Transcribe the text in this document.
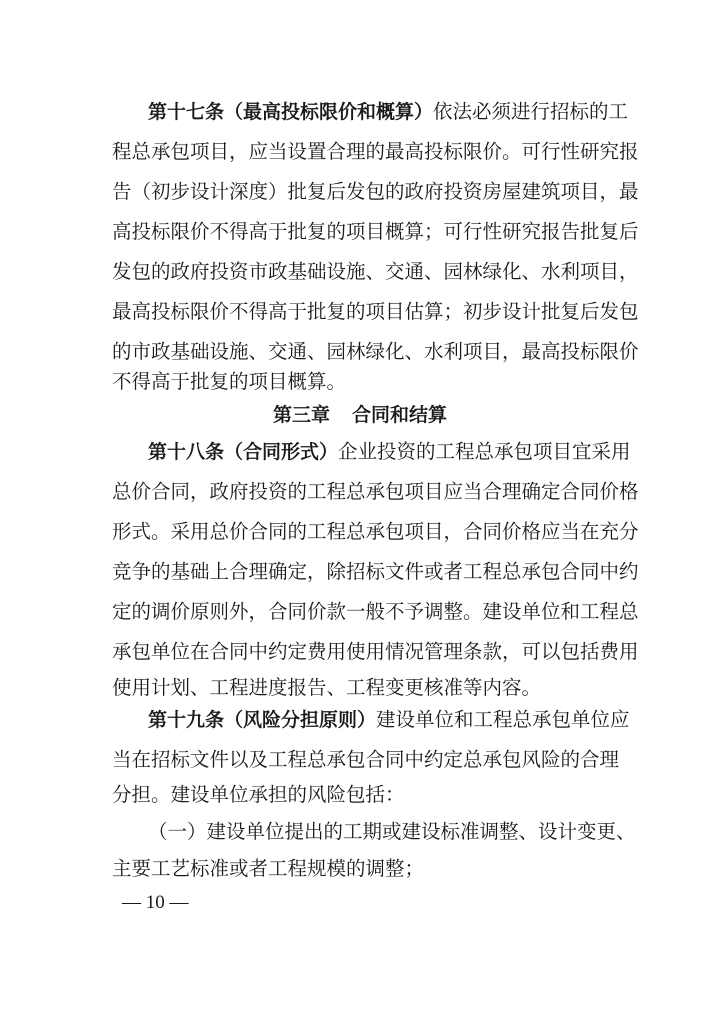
第十七条（最高投标限价和概算）依法必须进行招标的工
程总承包项目，应当设置合理的最高投标限价。可行性研究报
告（初步设计深度）批复后发包的政府投资房屋建筑项目，最
高投标限价不得高于批复的项目概算；可行性研究报告批复后
发包的政府投资市政基础设施、交通、园林绿化、水利项目，
最高投标限价不得高于批复的项目估算；初步设计批复后发包
的市政基础设施、交通、园林绿化、水利项目，最高投标限价
不得高于批复的项目概算。
第三章 合同和结算
第十八条（合同形式）企业投资的工程总承包项目宜采用
总价合同，政府投资的工程总承包项目应当合理确定合同价格
形式。采用总价合同的工程总承包项目，合同价格应当在充分
竞争的基础上合理确定，除招标文件或者工程总承包合同中约
定的调价原则外，合同价款一般不予调整。建设单位和工程总
承包单位在合同中约定费用使用情况管理条款，可以包括费用
使用计划、工程进度报告、工程变更核准等内容。
第十九条（风险分担原则）建设单位和工程总承包单位应
当在招标文件以及工程总承包合同中约定总承包风险的合理
分担。建设单位承担的风险包括：
（一）建设单位提出的工期或建设标准调整、设计变更、
主要工艺标准或者工程规模的调整；
— 10 —
